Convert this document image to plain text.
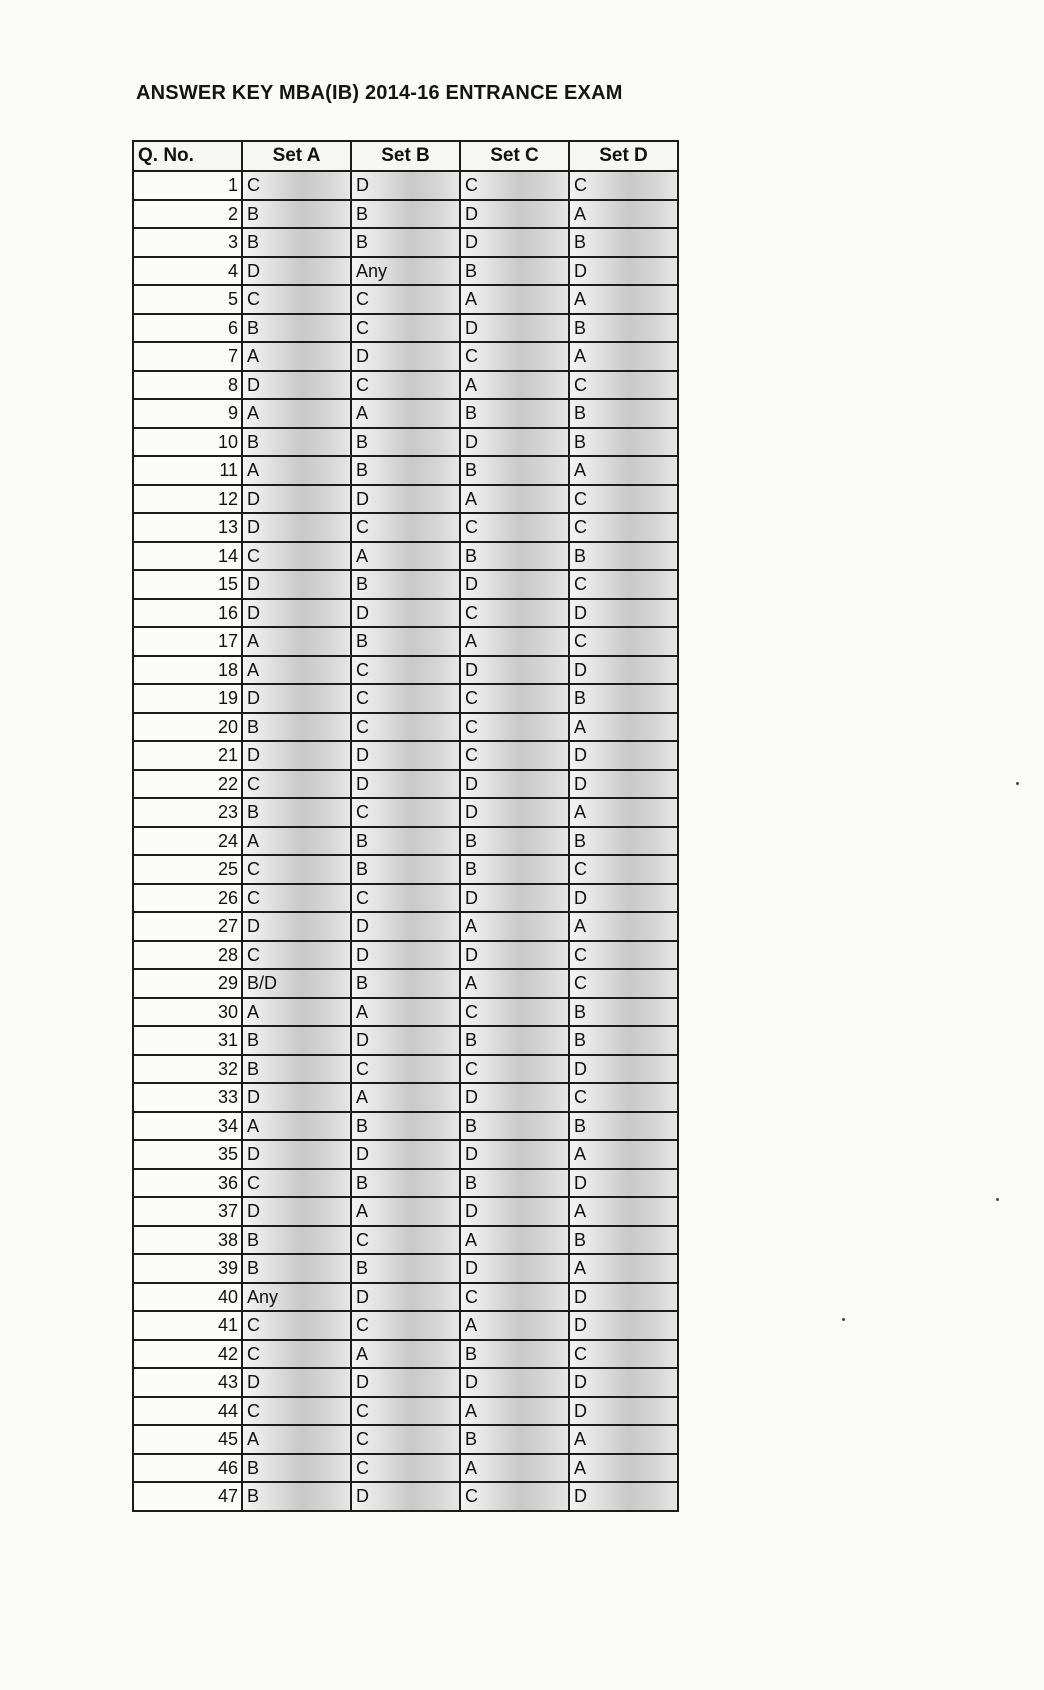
ANSWER KEY MBA(IB) 2014-16 ENTRANCE EXAM
Q. No.	Set A	Set B	Set C	Set D
1	C	D	C	C
2	B	B	D	A
3	B	B	D	B
4	D	Any	B	D
5	C	C	A	A
6	B	C	D	B
7	A	D	C	A
8	D	C	A	C
9	A	A	B	B
10	B	B	D	B
11	A	B	B	A
12	D	D	A	C
13	D	C	C	C
14	C	A	B	B
15	D	B	D	C
16	D	D	C	D
17	A	B	A	C
18	A	C	D	D
19	D	C	C	B
20	B	C	C	A
21	D	D	C	D
22	C	D	D	D
23	B	C	D	A
24	A	B	B	B
25	C	B	B	C
26	C	C	D	D
27	D	D	A	A
28	C	D	D	C
29	B/D	B	A	C
30	A	A	C	B
31	B	D	B	B
32	B	C	C	D
33	D	A	D	C
34	A	B	B	B
35	D	D	D	A
36	C	B	B	D
37	D	A	D	A
38	B	C	A	B
39	B	B	D	A
40	Any	D	C	D
41	C	C	A	D
42	C	A	B	C
43	D	D	D	D
44	C	C	A	D
45	A	C	B	A
46	B	C	A	A
47	B	D	C	D
